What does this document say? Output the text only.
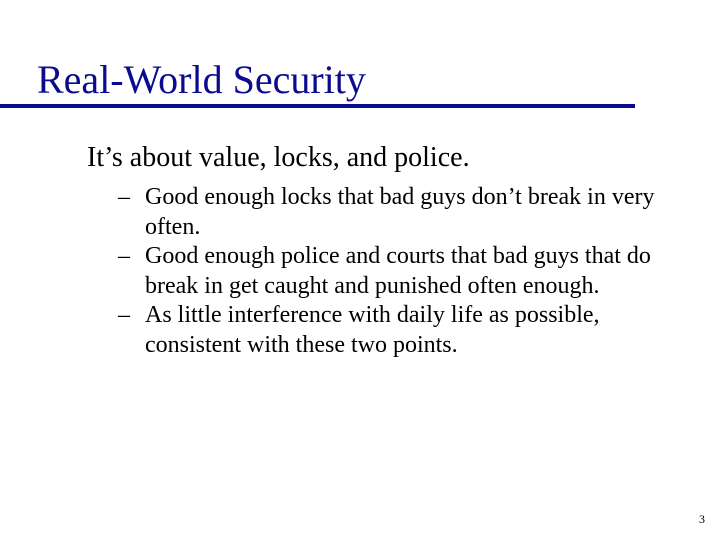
Real-World Security
It’s about value, locks, and police.
– Good enough locks that bad guys don’t break in very often.
– Good enough police and courts that bad guys that do break in get caught and punished often enough.
– As little interference with daily life as possible, consistent with these two points.
3
